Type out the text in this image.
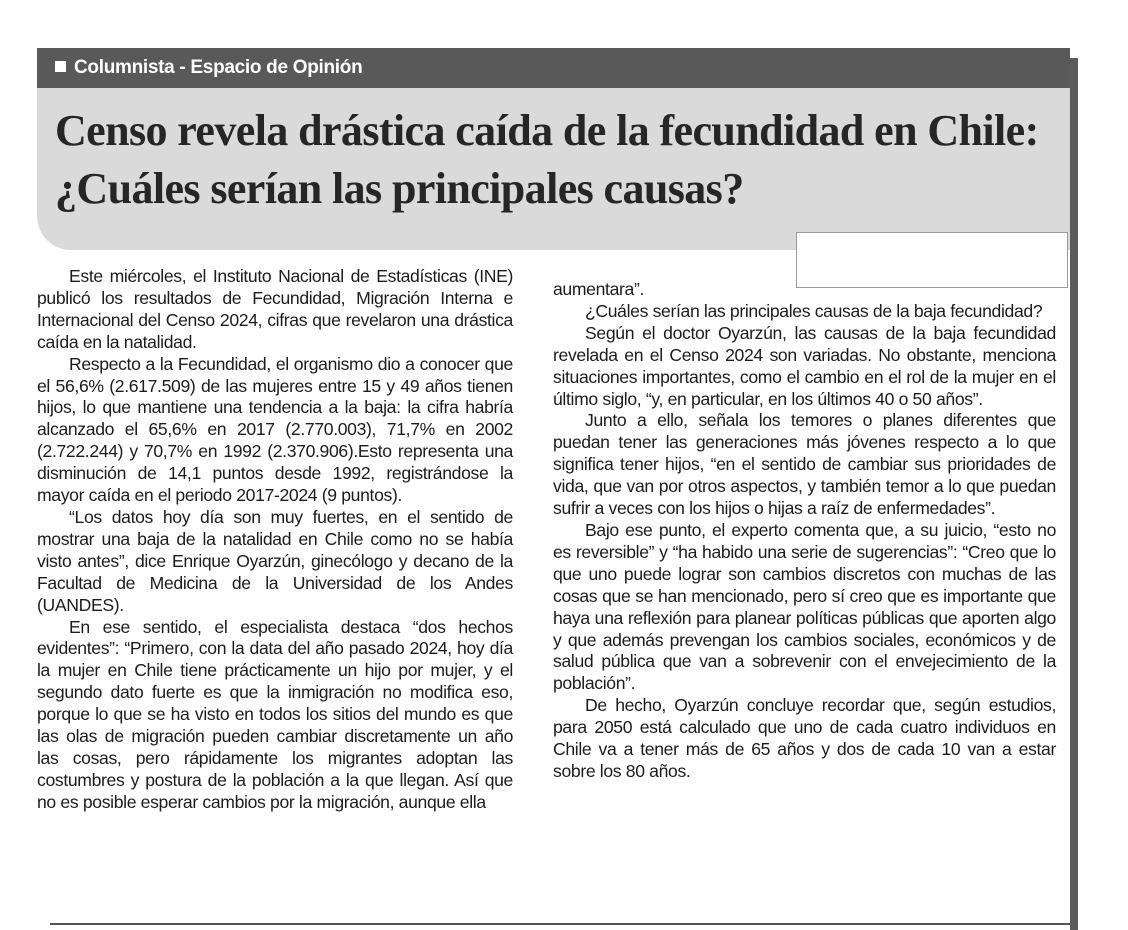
Columnista - Espacio de Opinión
Censo revela drástica caída de la fecundidad en Chile: ¿Cuáles serían las principales causas?

Este miércoles, el Instituto Nacional de Estadísticas (INE) publicó los resultados de Fecundidad, Migración Interna e Internacional del Censo 2024, cifras que revelaron una drástica caída en la natalidad.

Respecto a la Fecundidad, el organismo dio a conocer que el 56,6% (2.617.509) de las mujeres entre 15 y 49 años tienen hijos, lo que mantiene una tendencia a la baja: la cifra habría alcanzado el 65,6% en 2017 (2.770.003), 71,7% en 2002 (2.722.244) y 70,7% en 1992 (2.370.906).Esto representa una disminución de 14,1 puntos desde 1992, registrándose la mayor caída en el periodo 2017-2024 (9 puntos).

“Los datos hoy día son muy fuertes, en el sentido de mostrar una baja de la natalidad en Chile como no se había visto antes”, dice Enrique Oyarzún, ginecólogo y decano de la Facultad de Medicina de la Universidad de los Andes (UANDES).

En ese sentido, el especialista destaca “dos hechos evidentes”: “Primero, con la data del año pasado 2024, hoy día la mujer en Chile tiene prácticamente un hijo por mujer, y el segundo dato fuerte es que la inmigración no modifica eso, porque lo que se ha visto en todos los sitios del mundo es que las olas de migración pueden cambiar discretamente un año las cosas, pero rápidamente los migrantes adoptan las costumbres y postura de la población a la que llegan. Así que no es posible esperar cambios por la migración, aunque ella

aumentara”.

¿Cuáles serían las principales causas de la baja fecundidad?

Según el doctor Oyarzún, las causas de la baja fecundidad revelada en el Censo 2024 son variadas. No obstante, menciona situaciones importantes, como el cambio en el rol de la mujer en el último siglo, “y, en particular, en los últimos 40 o 50 años”.

Junto a ello, señala los temores o planes diferentes que puedan tener las generaciones más jóvenes respecto a lo que significa tener hijos, “en el sentido de cambiar sus prioridades de vida, que van por otros aspectos, y también temor a lo que puedan sufrir a veces con los hijos o hijas a raíz de enfermedades”.

Bajo ese punto, el experto comenta que, a su juicio, “esto no es reversible” y “ha habido una serie de sugerencias”: “Creo que lo que uno puede lograr son cambios discretos con muchas de las cosas que se han mencionado, pero sí creo que es importante que haya una reflexión para planear políticas públicas que aporten algo y que además prevengan los cambios sociales, económicos y de salud pública que van a sobrevenir con el envejecimiento de la población”.

De hecho, Oyarzún concluye recordar que, según estudios, para 2050 está calculado que uno de cada cuatro individuos en Chile va a tener más de 65 años y dos de cada 10 van a estar sobre los 80 años.
